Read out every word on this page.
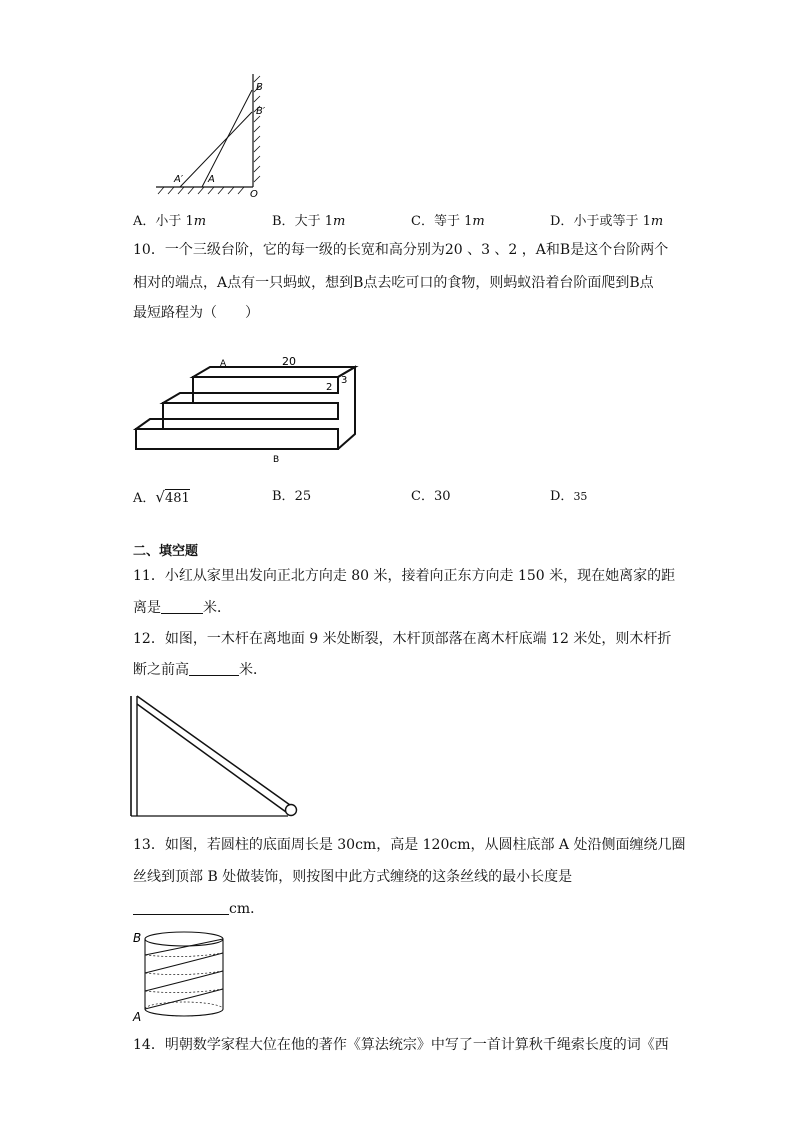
B
B′
A′ A
O
A．小于 1m	B．大于 1m	C．等于 1m	D．小于或等于 1m
10．一个三级台阶，它的每一级的长宽和高分别为20 、3 、2 ，A和B是这个台阶两个
相对的端点，A点有一只蚂蚁，想到B点去吃可口的食物，则蚂蚁沿着台阶面爬到B点
最短路程为（　　）
A	20
2
3
B
A．√481	B．25	C．30	D．35
二、填空题
11．小红从家里出发向正北方向走 80 米，接着向正东方向走 150 米，现在她离家的距
离是	米．
12．如图，一木杆在离地面 9 米处断裂，木杆顶部落在离木杆底端 12 米处，则木杆折
断之前高	米．
13．如图，若圆柱的底面周长是 30cm，高是 120cm，从圆柱底部 A 处沿侧面缠绕几圈
丝线到顶部 B 处做装饰，则按图中此方式缠绕的这条丝线的最小长度是
cm．
B
A
14．明朝数学家程大位在他的著作《算法统宗》中写了一首计算秋千绳索长度的词《西
